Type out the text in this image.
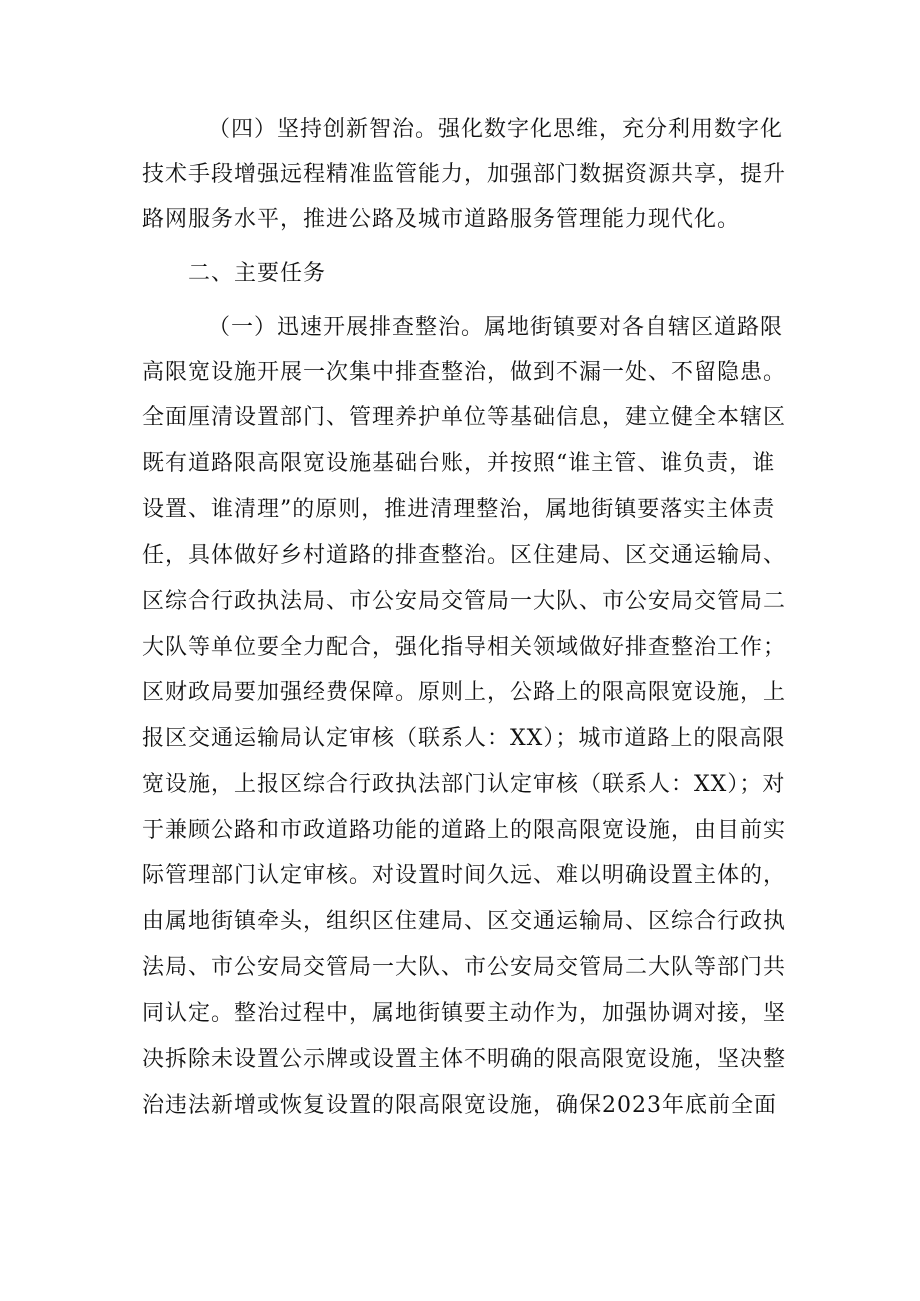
（四）坚持创新智治。强化数字化思维，充分利用数字化
技术手段增强远程精准监管能力，加强部门数据资源共享，提升
路网服务水平，推进公路及城市道路服务管理能力现代化。
二、主要任务
（一）迅速开展排查整治。属地街镇要对各自辖区道路限
高限宽设施开展一次集中排查整治，做到不漏一处、不留隐患。
全面厘清设置部门、管理养护单位等基础信息，建立健全本辖区
既有道路限高限宽设施基础台账，并按照“谁主管、谁负责，谁
设置、谁清理”的原则，推进清理整治，属地街镇要落实主体责
任，具体做好乡村道路的排查整治。区住建局、区交通运输局、
区综合行政执法局、市公安局交管局一大队、市公安局交管局二
大队等单位要全力配合，强化指导相关领域做好排查整治工作；
区财政局要加强经费保障。原则上，公路上的限高限宽设施，上
报区交通运输局认定审核（联系人：XX）；城市道路上的限高限
宽设施，上报区综合行政执法部门认定审核（联系人：XX）；对
于兼顾公路和市政道路功能的道路上的限高限宽设施，由目前实
际管理部门认定审核。对设置时间久远、难以明确设置主体的，
由属地街镇牵头，组织区住建局、区交通运输局、区综合行政执
法局、市公安局交管局一大队、市公安局交管局二大队等部门共
同认定。整治过程中，属地街镇要主动作为，加强协调对接，坚
决拆除未设置公示牌或设置主体不明确的限高限宽设施，坚决整
治违法新增或恢复设置的限高限宽设施，确保2023年底前全面
